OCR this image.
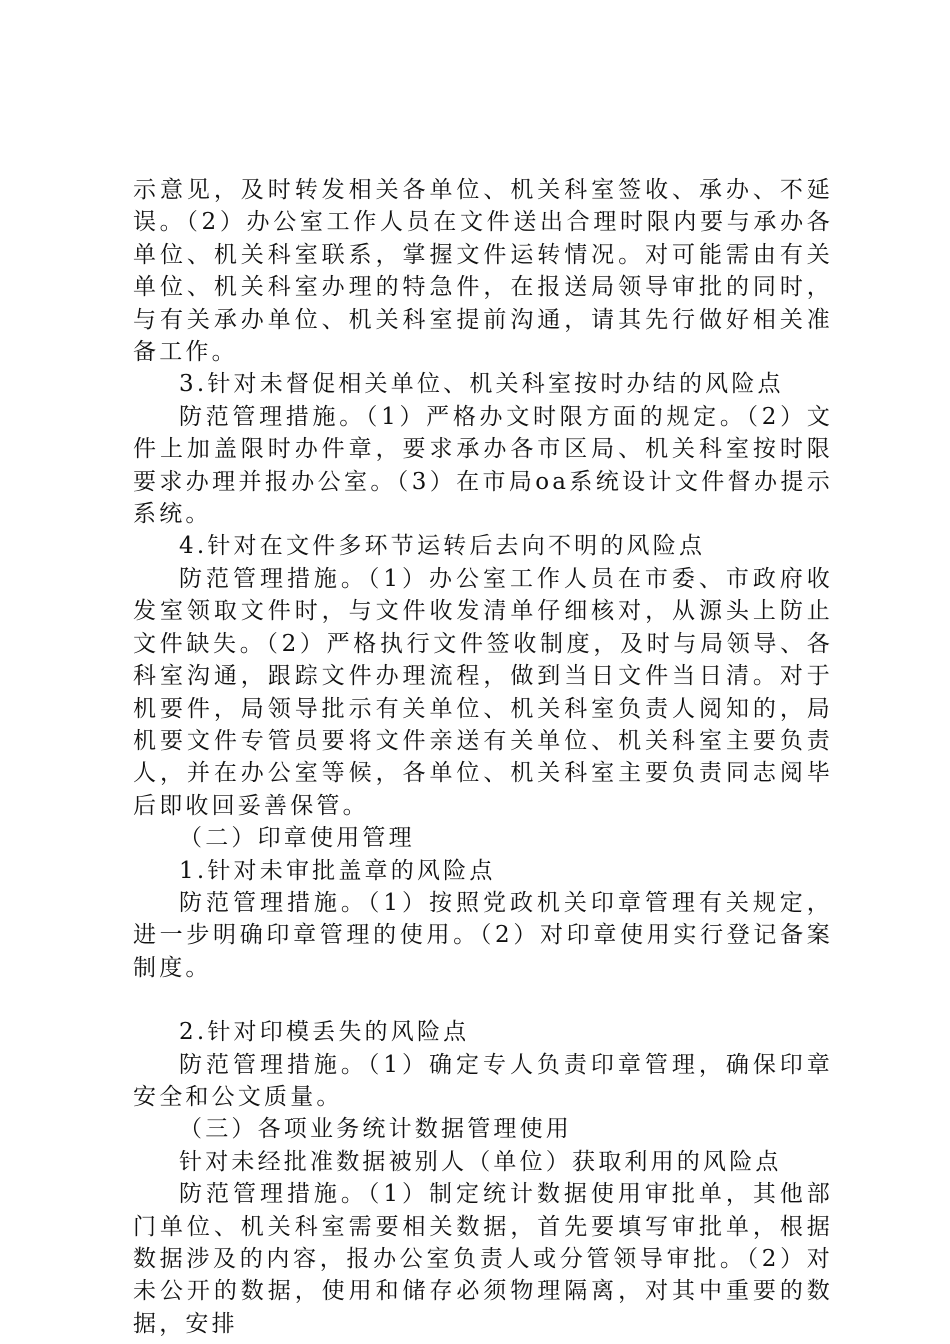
示意见，及时转发相关各单位、机关科室签收、承办、不延误。（2）办公室工作人员在文件送出合理时限内要与承办各单位、机关科室联系，掌握文件运转情况。对可能需由有关单位、机关科室办理的特急件，在报送局领导审批的同时，与有关承办单位、机关科室提前沟通，请其先行做好相关准备工作。

3.针对未督促相关单位、机关科室按时办结的风险点

防范管理措施。（1）严格办文时限方面的规定。（2）文件上加盖限时办件章，要求承办各市区局、机关科室按时限要求办理并报办公室。（3）在市局oa系统设计文件督办提示系统。

4.针对在文件多环节运转后去向不明的风险点

防范管理措施。（1）办公室工作人员在市委、市政府收发室领取文件时，与文件收发清单仔细核对，从源头上防止文件缺失。（2）严格执行文件签收制度，及时与局领导、各科室沟通，跟踪文件办理流程，做到当日文件当日清。对于机要件，局领导批示有关单位、机关科室负责人阅知的，局机要文件专管员要将文件亲送有关单位、机关科室主要负责人，并在办公室等候，各单位、机关科室主要负责同志阅毕后即收回妥善保管。

（二）印章使用管理

1.针对未审批盖章的风险点

防范管理措施。（1）按照党政机关印章管理有关规定，进一步明确印章管理的使用。（2）对印章使用实行登记备案制度。

2.针对印模丢失的风险点

防范管理措施。（1）确定专人负责印章管理，确保印章安全和公文质量。

（三）各项业务统计数据管理使用

针对未经批准数据被别人（单位）获取利用的风险点

防范管理措施。（1）制定统计数据使用审批单，其他部门单位、机关科室需要相关数据，首先要填写审批单，根据数据涉及的内容，报办公室负责人或分管领导审批。（2）对未公开的数据，使用和储存必须物理隔离，对其中重要的数据，安排
